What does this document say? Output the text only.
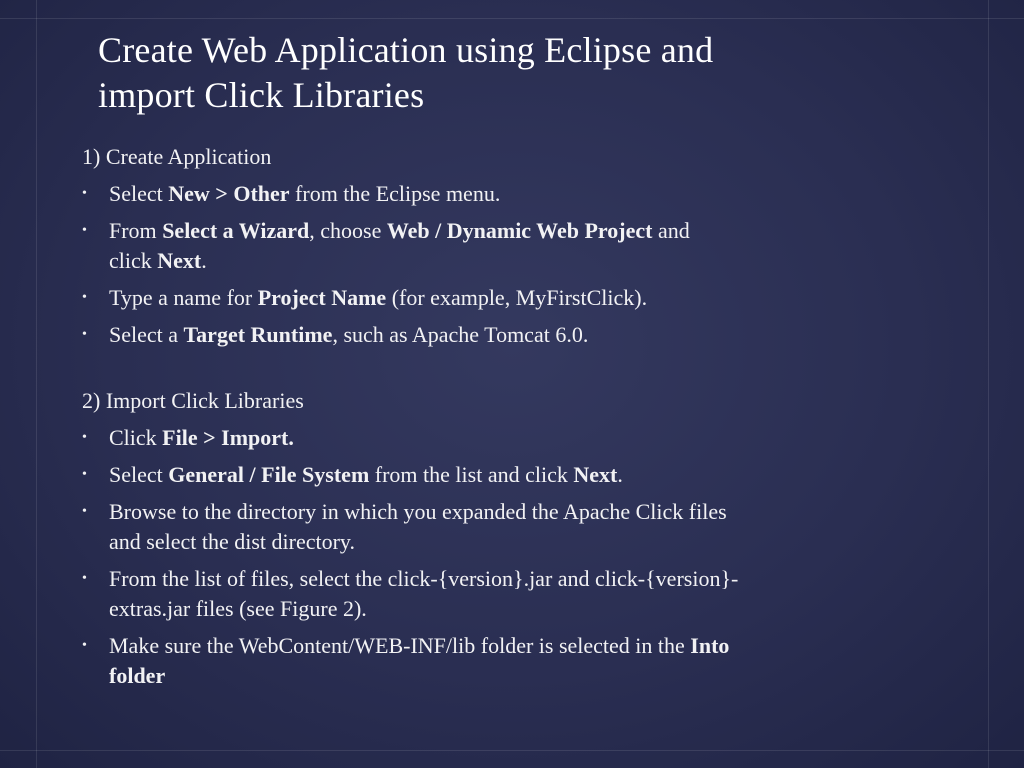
Create Web Application using Eclipse and
import Click Libraries
1) Create Application
• Select New > Other from the Eclipse menu.
• From Select a Wizard, choose Web / Dynamic Web Project and
click Next.
• Type a name for Project Name (for example, MyFirstClick).
• Select a Target Runtime, such as Apache Tomcat 6.0.
2) Import Click Libraries
• Click File > Import.
• Select General / File System from the list and click Next.
• Browse to the directory in which you expanded the Apache Click files
and select the dist directory.
• From the list of files, select the click-{version}.jar and click-{version}-
extras.jar files (see Figure 2).
• Make sure the WebContent/WEB-INF/lib folder is selected in the Into
folder
